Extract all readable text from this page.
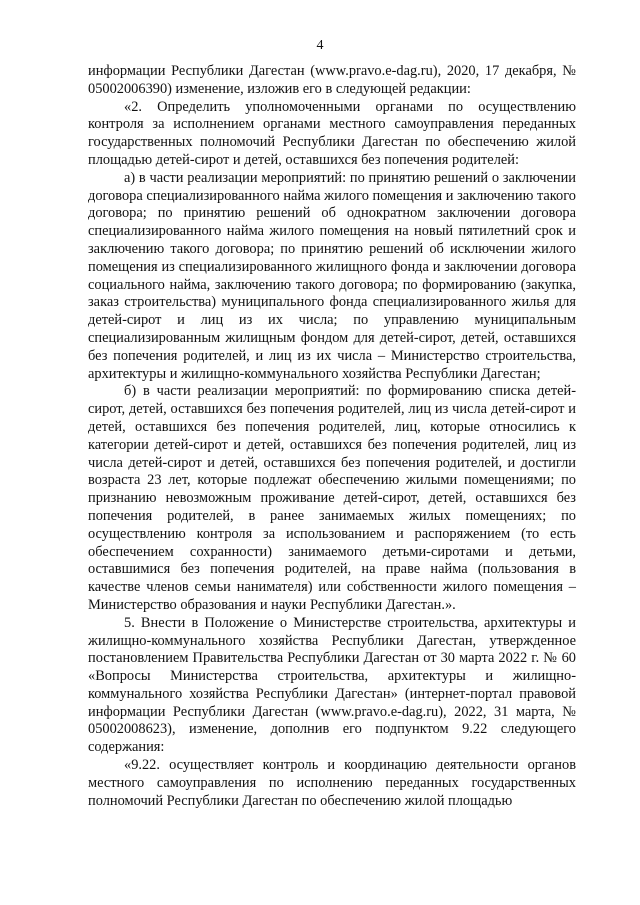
4

информации Республики Дагестан (www.pravo.e-dag.ru), 2020, 17 декабря, № 05002006390) изменение, изложив его в следующей редакции:

«2. Определить уполномоченными органами по осуществлению контроля за исполнением органами местного самоуправления переданных государственных полномочий Республики Дагестан по обеспечению жилой площадью детей-сирот и детей, оставшихся без попечения родителей:

а) в части реализации мероприятий: по принятию решений о заключении договора специализированного найма жилого помещения и заключению такого договора; по принятию решений об однократном заключении договора специализированного найма жилого помещения на новый пятилетний срок и заключению такого договора; по принятию решений об исключении жилого помещения из специализированного жилищного фонда и заключении договора социального найма, заключению такого договора; по формированию (закупка, заказ строительства) муниципального фонда специализированного жилья для детей-сирот и лиц из их числа; по управлению муниципальным специализированным жилищным фондом для детей-сирот, детей, оставшихся без попечения родителей, и лиц из их числа – Министерство строительства, архитектуры и жилищно-коммунального хозяйства Республики Дагестан;

б) в части реализации мероприятий: по формированию списка детей-сирот, детей, оставшихся без попечения родителей, лиц из числа детей-сирот и детей, оставшихся без попечения родителей, лиц, которые относились к категории детей-сирот и детей, оставшихся без попечения родителей, лиц из числа детей-сирот и детей, оставшихся без попечения родителей, и достигли возраста 23 лет, которые подлежат обеспечению жилыми помещениями; по признанию невозможным проживание детей-сирот, детей, оставшихся без попечения родителей, в ранее занимаемых жилых помещениях; по осуществлению контроля за использованием и распоряжением (то есть обеспечением сохранности) занимаемого детьми-сиротами и детьми, оставшимися без попечения родителей, на праве найма (пользования в качестве членов семьи нанимателя) или собственности жилого помещения – Министерство образования и науки Республики Дагестан.».

5. Внести в Положение о Министерстве строительства, архитектуры и жилищно-коммунального хозяйства Республики Дагестан, утвержденное постановлением Правительства Республики Дагестан от 30 марта 2022 г. № 60 «Вопросы Министерства строительства, архитектуры и жилищно-коммунального хозяйства Республики Дагестан» (интернет-портал правовой информации Республики Дагестан (www.pravo.e-dag.ru), 2022, 31 марта, № 05002008623), изменение, дополнив его подпунктом 9.22 следующего содержания:

«9.22. осуществляет контроль и координацию деятельности органов местного самоуправления по исполнению переданных государственных полномочий Республики Дагестан по обеспечению жилой площадью
